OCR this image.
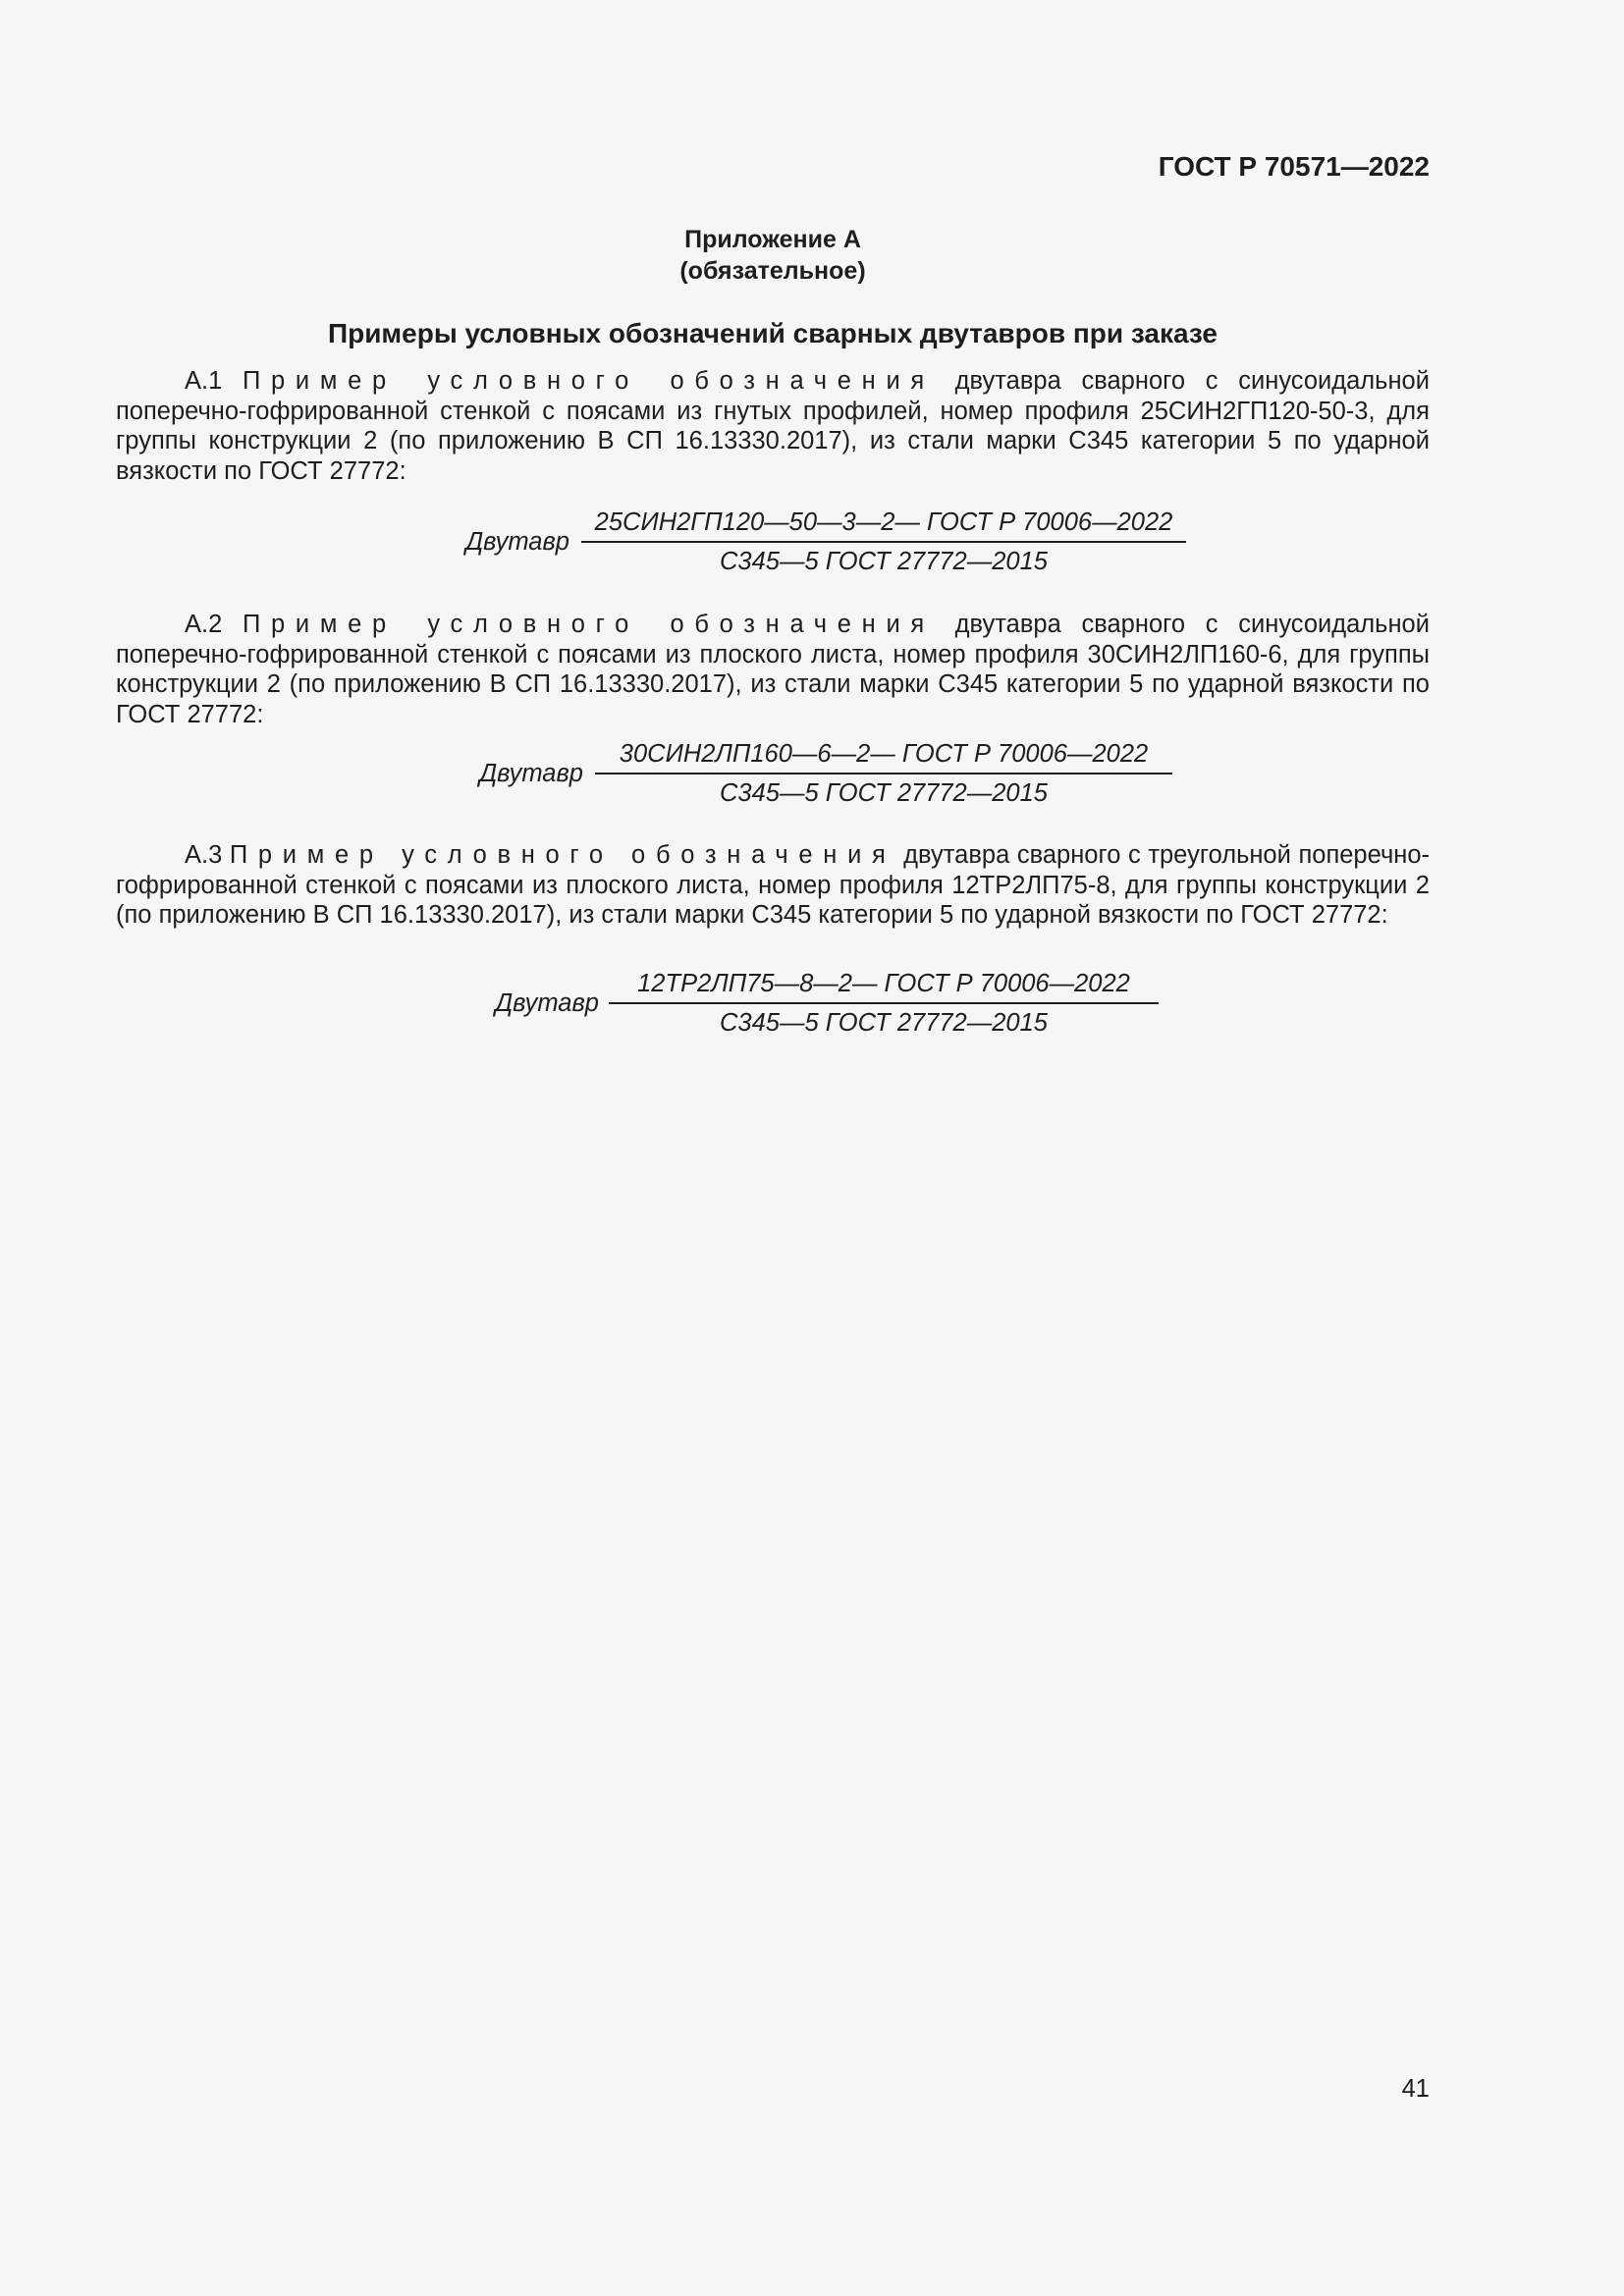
ГОСТ Р 70571—2022
Приложение А
(обязательное)
Примеры условных обозначений сварных двутавров при заказе

А.1 Пример условного обозначения двутавра сварного с синусоидальной поперечно-гофрированной стенкой с поясами из гнутых профилей, номер профиля 25СИН2ГП120-50-3, для группы конструкции 2 (по приложению В СП 16.13330.2017), из стали марки С345 категории 5 по ударной вязкости по ГОСТ 27772:

Двутавр
25СИН2ГП120—50—3—2— ГОСТ Р 70006—2022
С345—5 ГОСТ 27772—2015

А.2 Пример условного обозначения двутавра сварного с синусоидальной поперечно-гофрированной стенкой с поясами из плоского листа, номер профиля 30СИН2ЛП160-6, для группы конструкции 2 (по приложению В СП 16.13330.2017), из стали марки С345 категории 5 по ударной вязкости по ГОСТ 27772:

Двутавр
30СИН2ЛП160—6—2— ГОСТ Р 70006—2022
С345—5 ГОСТ 27772—2015

А.3 Пример условного обозначения двутавра сварного с треугольной поперечно-гофрированной стенкой с поясами из плоского листа, номер профиля 12ТР2ЛП75-8, для группы конструкции 2 (по приложению В СП 16.13330.2017), из стали марки С345 категории 5 по ударной вязкости по ГОСТ 27772:

Двутавр
12ТР2ЛП75—8—2— ГОСТ Р 70006—2022
С345—5 ГОСТ 27772—2015
41
